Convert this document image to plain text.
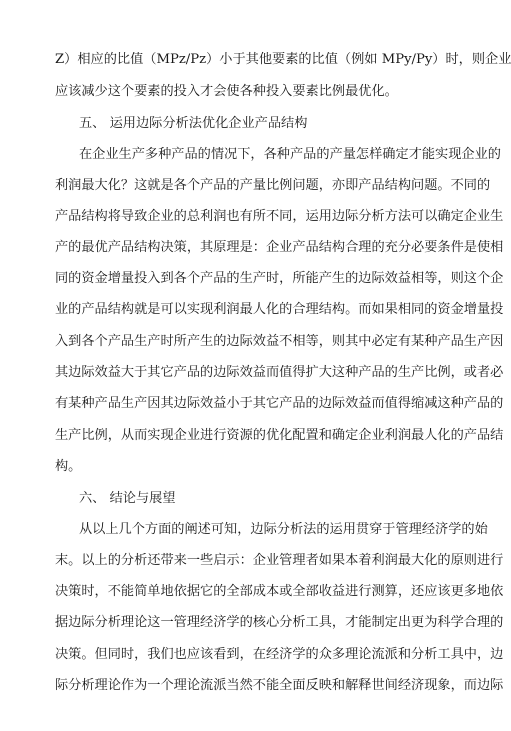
Z）相应的比值（MPz/Pz）小于其他要素的比值（例如 MPy/Py）时，则企业
应该减少这个要素的投入才会使各种投入要素比例最优化。
五、 运用边际分析法优化企业产品结构
在企业生产多种产品的情况下，各种产品的产量怎样确定才能实现企业的
利润最大化？这就是各个产品的产量比例问题，亦即产品结构问题。不同的
产品结构将导致企业的总利润也有所不同，运用边际分析方法可以确定企业生
产的最优产品结构决策，其原理是：企业产品结构合理的充分必要条件是使相
同的资金增量投入到各个产品的生产时，所能产生的边际效益相等，则这个企
业的产品结构就是可以实现利润最人化的合理结构。而如果相同的资金增量投
入到各个产品生产时所产生的边际效益不相等，则其中必定有某种产品生产因
其边际效益大于其它产品的边际效益而值得扩大这种产品的生产比例，或者必
有某种产品生产因其边际效益小于其它产品的边际效益而值得缩减这种产品的
生产比例，从而实现企业进行资源的优化配置和确定企业利润最人化的产品结
构。
六、 结论与展望
从以上几个方面的阐述可知，边际分析法的运用贯穿于管理经济学的始
末。以上的分析还带来一些启示：企业管理者如果本着利润最大化的原则进行
决策时，不能简单地依据它的全部成本或全部收益进行测算，还应该更多地依
据边际分析理论这一管理经济学的核心分析工具，才能制定出更为科学合理的
决策。但同时，我们也应该看到，在经济学的众多理论流派和分析工具中，边
际分析理论作为一个理论流派当然不能全面反映和解释世间经济现象，而边际
